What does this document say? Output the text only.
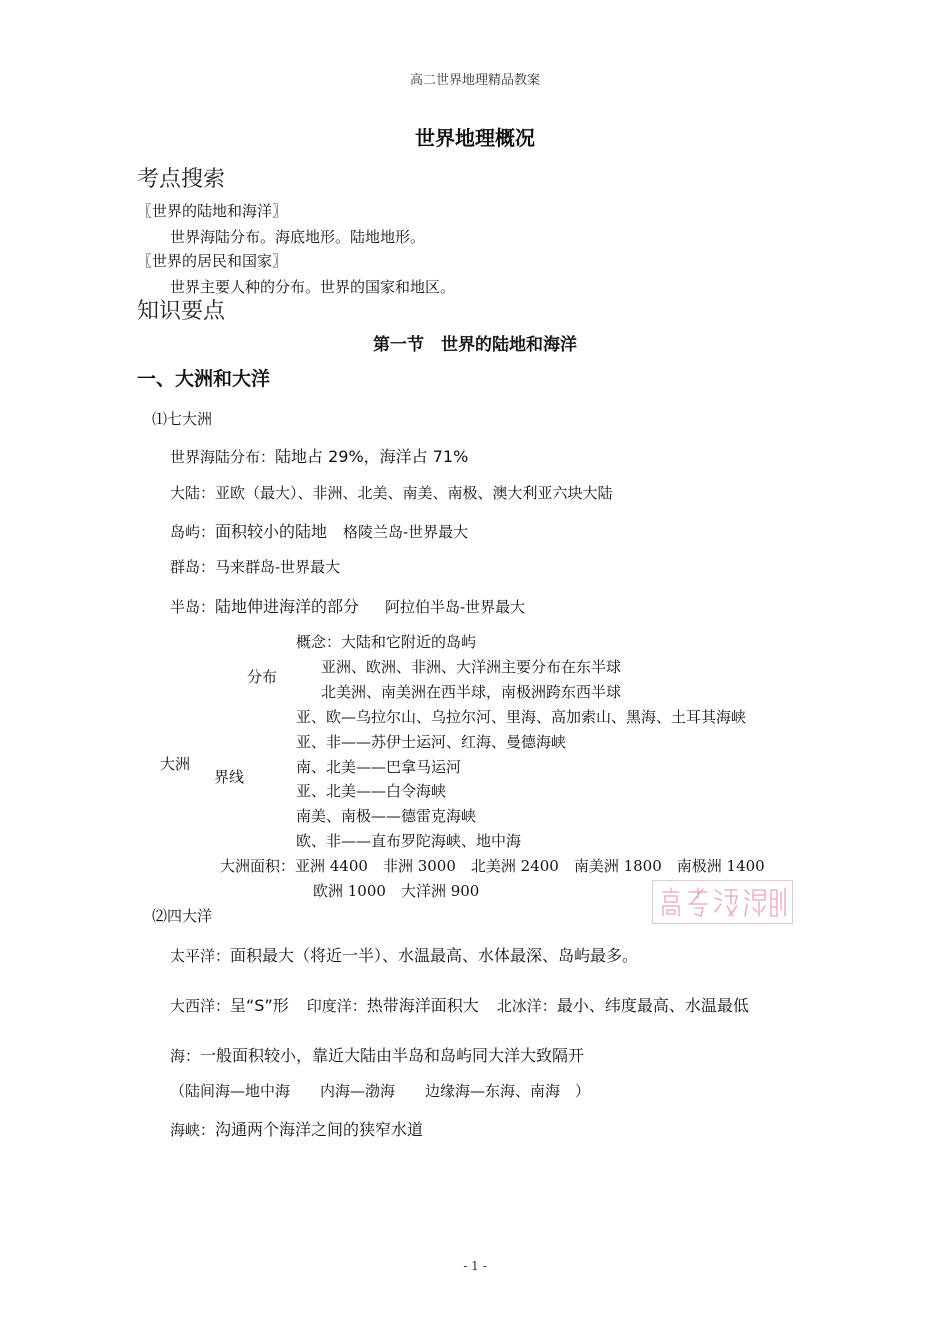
高二世界地理精品教案
世界地理概况
考点搜索
〖世界的陆地和海洋〗
世界海陆分布。海底地形。陆地地形。
〖世界的居民和国家〗
世界主要人种的分布。世界的国家和地区。
知识要点
第一节　世界的陆地和海洋
一、大洲和大洋
⑴七大洲
世界海陆分布：陆地占 29%，海洋占 71%
大陆：亚欧（最大）、非洲、北美、南美、南极、澳大利亚六块大陆
岛屿：面积较小的陆地 格陵兰岛-世界最大
群岛：马来群岛-世界最大
半岛：陆地伸进海洋的部分 阿拉伯半岛-世界最大
大洲
分布
界线
概念：大陆和它附近的岛屿
亚洲、欧洲、非洲、大洋洲主要分布在东半球
北美洲、南美洲在西半球，南极洲跨东西半球
亚、欧—乌拉尔山、乌拉尔河、里海、高加索山、黑海、土耳其海峡
亚、非——苏伊士运河、红海、曼德海峡
南、北美——巴拿马运河
亚、北美——白令海峡
南美、南极——德雷克海峡
欧、非——直布罗陀海峡、地中海
大洲面积：亚洲 4400　非洲 3000　北美洲 2400　南美洲 1800　南极洲 1400
欧洲 1000　大洋洲 900
⑵四大洋
太平洋：面积最大（将近一半）、水温最高、水体最深、岛屿最多。
大西洋：呈“S”形 印度洋：热带海洋面积大 北冰洋：最小、纬度最高、水温最低
海：一般面积较小，靠近大陆由半岛和岛屿同大洋大致隔开
（陆间海—地中海　　内海—渤海　　边缘海—东海、南海　）
海峡：沟通两个海洋之间的狭窄水道
- 1 -
